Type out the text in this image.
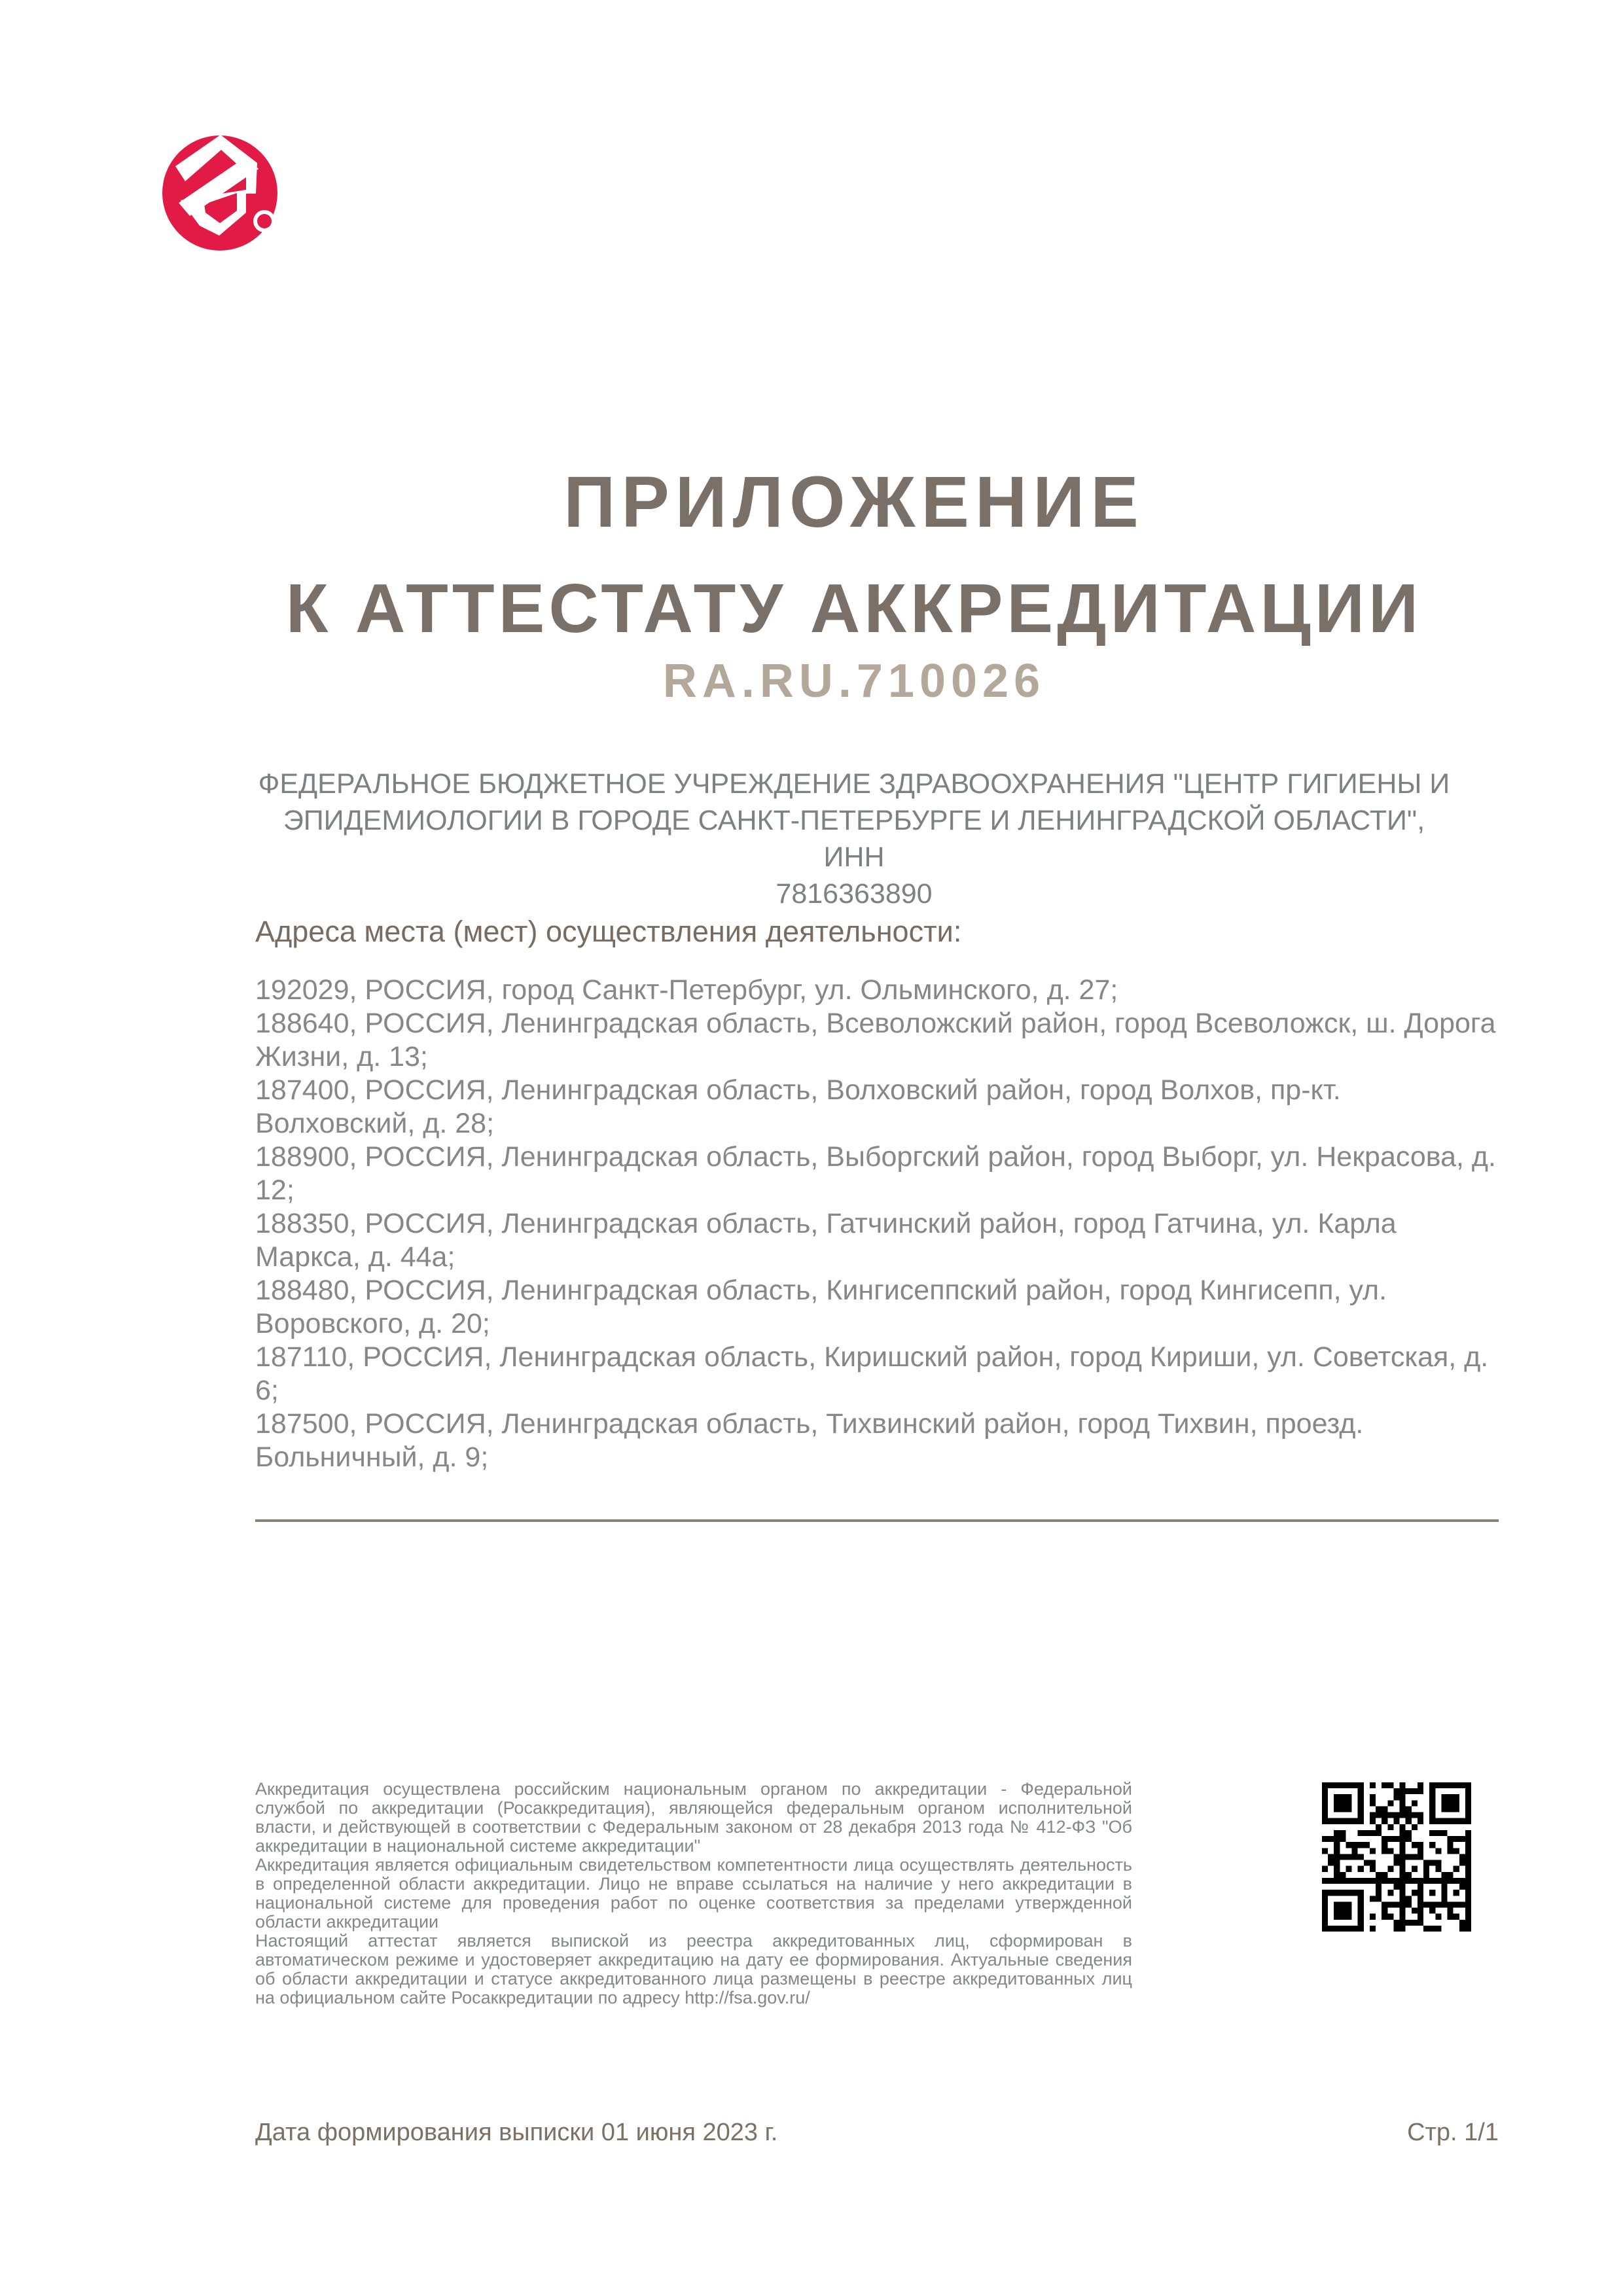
ПРИЛОЖЕНИЕ
К АТТЕСТАТУ АККРЕДИТАЦИИ
RA.RU.710026
ФЕДЕРАЛЬНОЕ БЮДЖЕТНОЕ УЧРЕЖДЕНИЕ ЗДРАВООХРАНЕНИЯ "ЦЕНТР ГИГИЕНЫ И
ЭПИДЕМИОЛОГИИ В ГОРОДЕ САНКТ-ПЕТЕРБУРГЕ И ЛЕНИНГРАДСКОЙ ОБЛАСТИ", ИНН
7816363890
Адреса места (мест) осуществления деятельности:
192029, РОССИЯ, город Санкт-Петербург, ул. Ольминского, д. 27;
188640, РОССИЯ, Ленинградская область, Всеволожский район, город Всеволожск, ш. Дорога
Жизни, д. 13;
187400, РОССИЯ, Ленинградская область, Волховский район, город Волхов, пр-кт.
Волховский, д. 28;
188900, РОССИЯ, Ленинградская область, Выборгский район, город Выборг, ул. Некрасова, д.
12;
188350, РОССИЯ, Ленинградская область, Гатчинский район, город Гатчина, ул. Карла
Маркса, д. 44а;
188480, РОССИЯ, Ленинградская область, Кингисеппский район, город Кингисепп, ул.
Воровского, д. 20;
187110, РОССИЯ, Ленинградская область, Киришский район, город Кириши, ул. Советская, д.
6;
187500, РОССИЯ, Ленинградская область, Тихвинский район, город Тихвин, проезд.
Больничный, д. 9;

Аккредитация осуществлена российским национальным органом по аккредитации - Федеральной службой по аккредитации (Росаккредитация), являющейся федеральным органом исполнительной власти, и действующей в соответствии с Федеральным законом от 28 декабря 2013 года № 412-ФЗ "Об аккредитации в национальной системе аккредитации"

Аккредитация является официальным свидетельством компетентности лица осуществлять деятельность в определенной области аккредитации. Лицо не вправе ссылаться на наличие у него аккредитации в национальной системе для проведения работ по оценке соответствия за пределами утвержденной области аккредитации

Настоящий аттестат является выпиской из реестра аккредитованных лиц, сформирован в автоматическом режиме и удостоверяет аккредитацию на дату ее формирования. Актуальные сведения об области аккредитации и статусе аккредитованного лица размещены в реестре аккредитованных лиц на официальном сайте Росаккредитации по адресу http://fsa.gov.ru/

Дата формирования выписки 01 июня 2023 г.	Стр. 1/1
